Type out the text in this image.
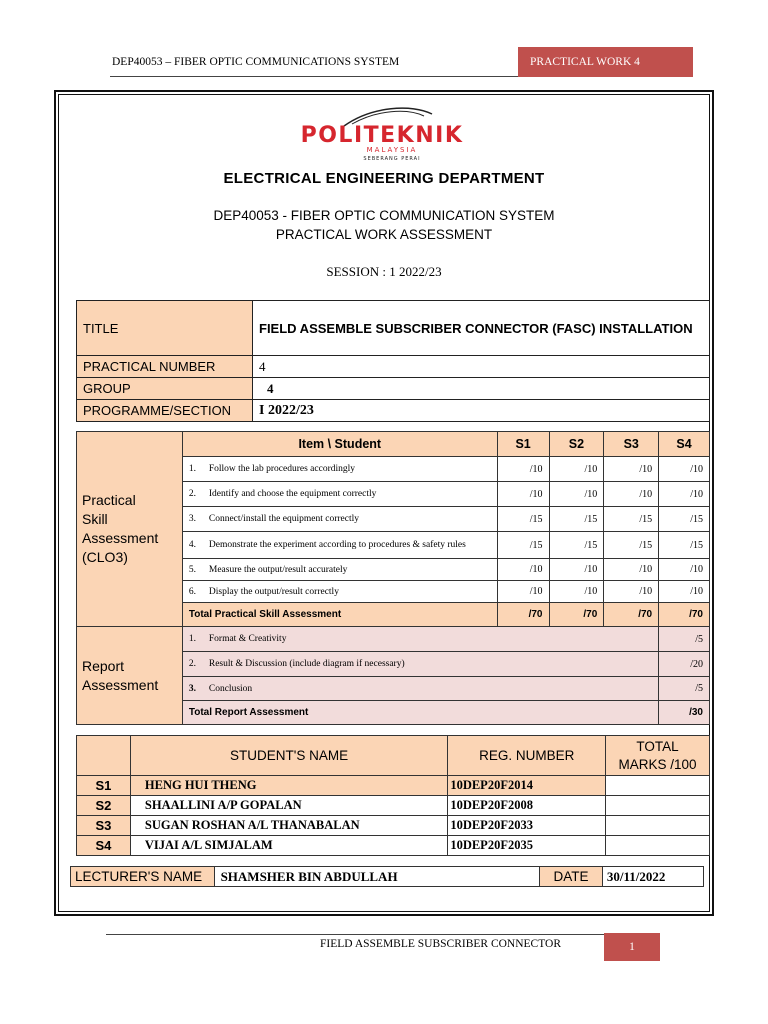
DEP40053 – FIBER OPTIC COMMUNICATIONS SYSTEM	PRACTICAL WORK 4
POLITEKNIK
MALAYSIA
SEBERANG PERAI
ELECTRICAL ENGINEERING DEPARTMENT
DEP40053 - FIBER OPTIC COMMUNICATION SYSTEM
PRACTICAL WORK ASSESSMENT
SESSION : 1 2022/23
TITLE	FIELD ASSEMBLE SUBSCRIBER CONNECTOR (FASC) INSTALLATION
PRACTICAL NUMBER	4
GROUP	4
PROGRAMME/SECTION	I 2022/23
Practical
Skill
Assessment
(CLO3)	Item \ Student	S1	S2	S3	S4
	1. Follow the lab procedures accordingly	/10	/10	/10	/10
	2. Identify and choose the equipment correctly	/10	/10	/10	/10
	3. Connect/install the equipment correctly	/15	/15	/15	/15
	4. Demonstrate the experiment according to procedures & safety rules	/15	/15	/15	/15
	5. Measure the output/result accurately	/10	/10	/10	/10
	6. Display the output/result correctly	/10	/10	/10	/10
	Total Practical Skill Assessment	/70	/70	/70	/70

Report
Assessment	1. Format & Creativity				/5
	2. Result & Discussion (include diagram if necessary)				/20
	3. Conclusion				/5
	Total Report Assessment				/30
	STUDENT'S NAME	REG. NUMBER	TOTAL
MARKS /100

S1	HENG HUI THENG	10DEP20F2014	
S2	SHAALLINI A/P GOPALAN	10DEP20F2008	
S3	SUGAN ROSHAN A/L THANABALAN	10DEP20F2033	
S4	VIJAI A/L SIMJALAM	10DEP20F2035	
LECTURER'S NAME	SHAMSHER BIN ABDULLAH	DATE	30/11/2022
FIELD ASSEMBLE SUBSCRIBER CONNECTOR	1
